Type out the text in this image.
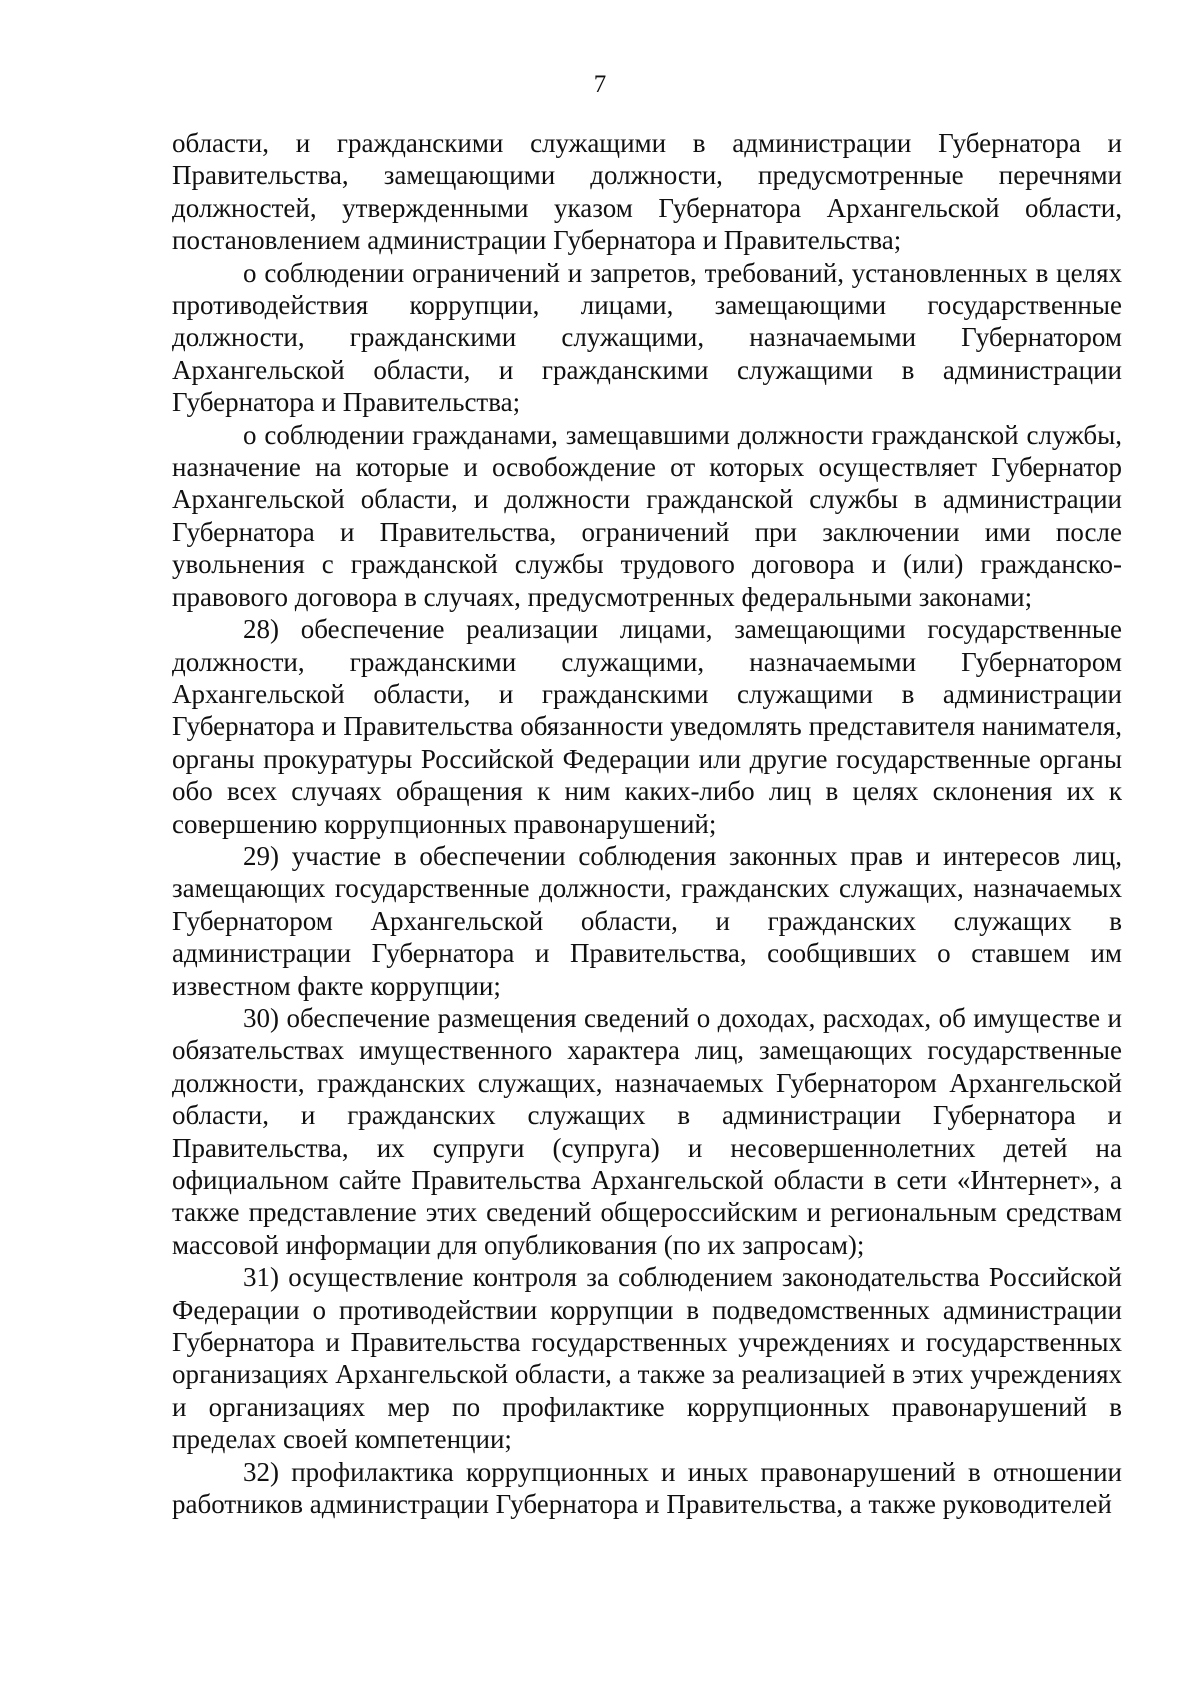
7

области, и гражданскими служащими в администрации Губернатора и Правительства, замещающими должности, предусмотренные перечнями должностей, утвержденными указом Губернатора Архангельской области, постановлением администрации Губернатора и Правительства;

о соблюдении ограничений и запретов, требований, установленных в целях противодействия коррупции, лицами, замещающими государственные должности, гражданскими служащими, назначаемыми Губернатором Архангельской области, и гражданскими служащими в администрации Губернатора и Правительства;

о соблюдении гражданами, замещавшими должности гражданской службы, назначение на которые и освобождение от которых осуществляет Губернатор Архангельской области, и должности гражданской службы в администрации Губернатора и Правительства, ограничений при заключении ими после увольнения с гражданской службы трудового договора и (или) гражданско-правового договора в случаях, предусмотренных федеральными законами;

28) обеспечение реализации лицами, замещающими государственные должности, гражданскими служащими, назначаемыми Губернатором Архангельской области, и гражданскими служащими в администрации Губернатора и Правительства обязанности уведомлять представителя нанимателя, органы прокуратуры Российской Федерации или другие государственные органы обо всех случаях обращения к ним каких-либо лиц в целях склонения их к совершению коррупционных правонарушений;

29) участие в обеспечении соблюдения законных прав и интересов лиц, замещающих государственные должности, гражданских служащих, назначаемых Губернатором Архангельской области, и гражданских служащих в администрации Губернатора и Правительства, сообщивших о ставшем им известном факте коррупции;

30) обеспечение размещения сведений о доходах, расходах, об имуществе и обязательствах имущественного характера лиц, замещающих государственные должности, гражданских служащих, назначаемых Губернатором Архангельской области, и гражданских служащих в администрации Губернатора и Правительства, их супруги (супруга) и несовершеннолетних детей на официальном сайте Правительства Архангельской области в сети «Интернет», а также представление этих сведений общероссийским и региональным средствам массовой информации для опубликования (по их запросам);

31) осуществление контроля за соблюдением законодательства Российской Федерации о противодействии коррупции в подведомственных администрации Губернатора и Правительства государственных учреждениях и государственных организациях Архангельской области, а также за реализацией в этих учреждениях и организациях мер по профилактике коррупционных правонарушений в пределах своей компетенции;

32) профилактика коррупционных и иных правонарушений в отношении работников администрации Губернатора и Правительства, а также руководителей
